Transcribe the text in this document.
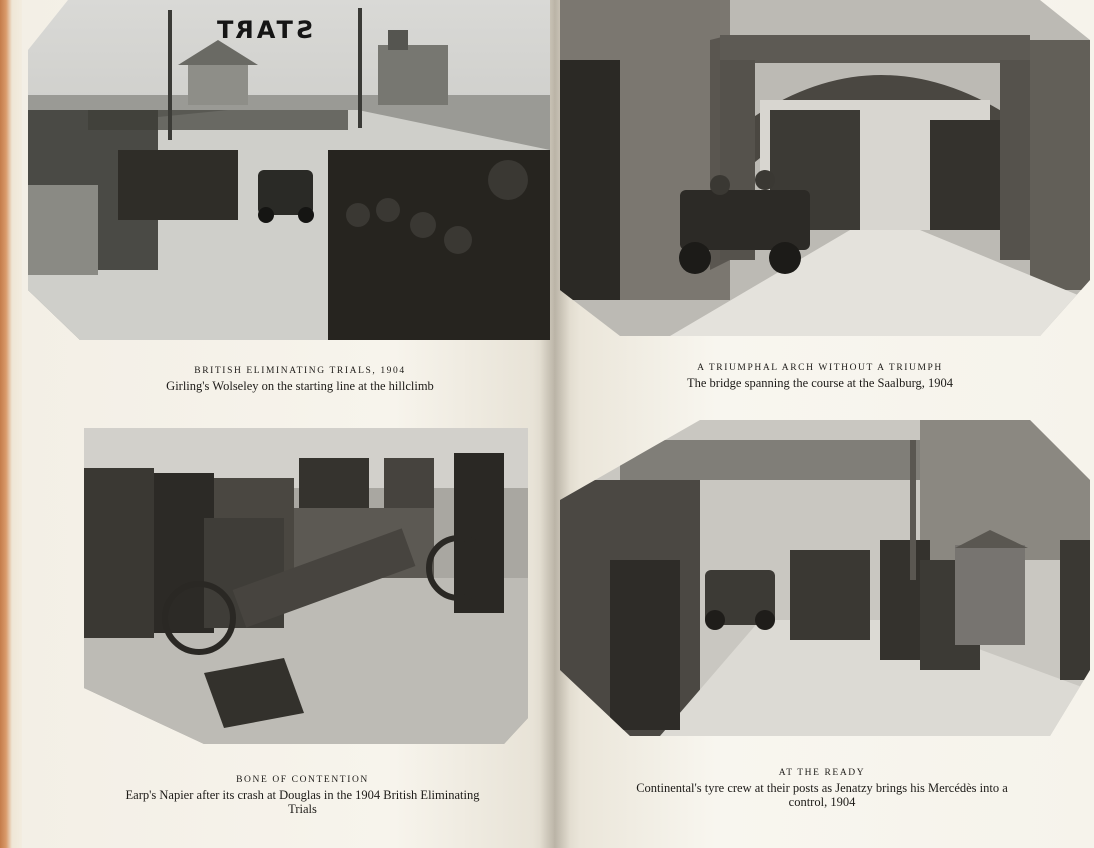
START
BRITISH ELIMINATING TRIALS, 1904
Girling's Wolseley on the starting line at the hillclimb
A TRIUMPHAL ARCH WITHOUT A TRIUMPH
The bridge spanning the course at the Saalburg, 1904
BONE OF CONTENTION
Earp's Napier after its crash at Douglas in the 1904 British Eliminating Trials
AT THE READY
Continental's tyre crew at their posts as Jenatzy brings his Mercédès into a control, 1904
